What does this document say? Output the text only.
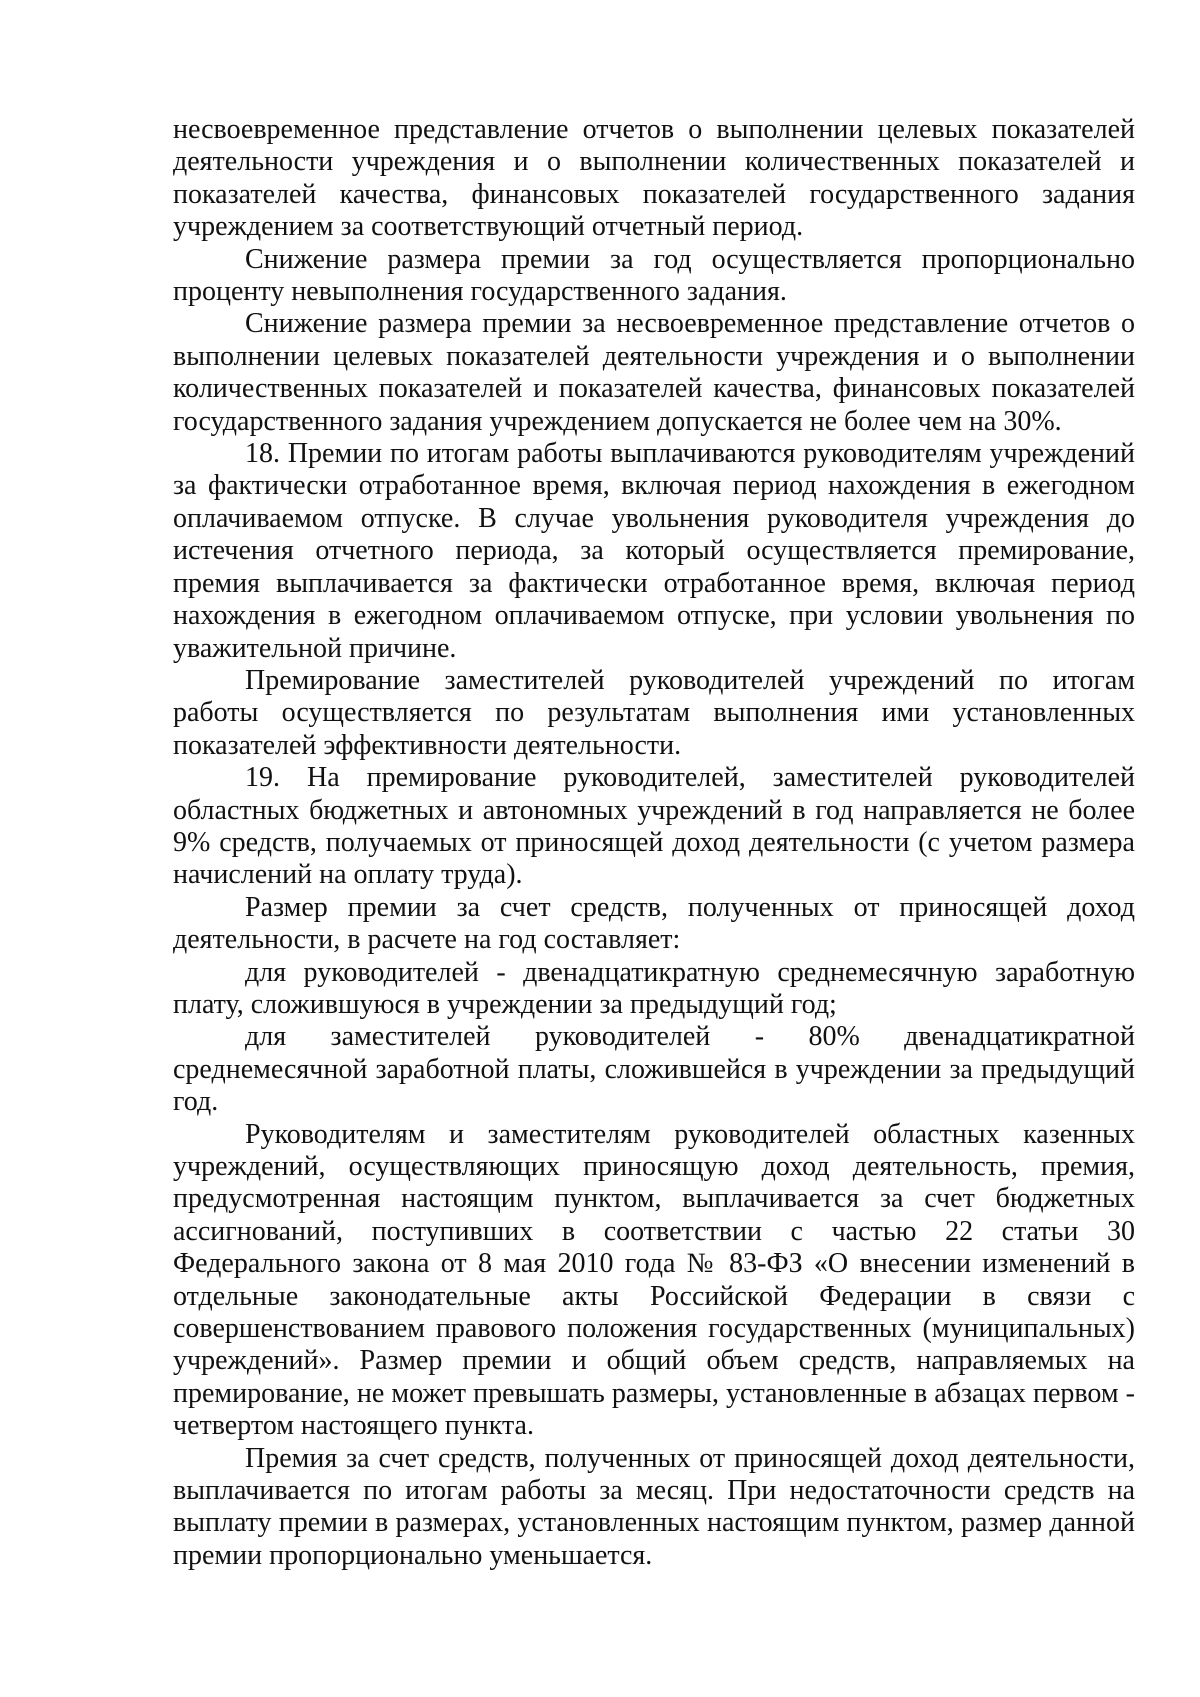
несвоевременное представление отчетов о выполнении целевых показателей деятельности учреждения и о выполнении количественных показателей и показателей качества, финансовых показателей государственного задания учреждением за соответствующий отчетный период.

Снижение размера премии за год осуществляется пропорционально проценту невыполнения государственного задания.

Снижение размера премии за несвоевременное представление отчетов о выполнении целевых показателей деятельности учреждения и о выполнении количественных показателей и показателей качества, финансовых показателей государственного задания учреждением допускается не более чем на 30%.

18. Премии по итогам работы выплачиваются руководителям учреждений за фактически отработанное время, включая период нахождения в ежегодном оплачиваемом отпуске. В случае увольнения руководителя учреждения до истечения отчетного периода, за который осуществляется премирование, премия выплачивается за фактически отработанное время, включая период нахождения в ежегодном оплачиваемом отпуске, при условии увольнения по уважительной причине.

Премирование заместителей руководителей учреждений по итогам работы осуществляется по результатам выполнения ими установленных показателей эффективности деятельности.

19. На премирование руководителей, заместителей руководителей областных бюджетных и автономных учреждений в год направляется не более 9% средств, получаемых от приносящей доход деятельности (с учетом размера начислений на оплату труда).

Размер премии за счет средств, полученных от приносящей доход деятельности, в расчете на год составляет:

для руководителей - двенадцатикратную среднемесячную заработную плату, сложившуюся в учреждении за предыдущий год;

для заместителей руководителей - 80% двенадцатикратной среднемесячной заработной платы, сложившейся в учреждении за предыдущий год.

Руководителям и заместителям руководителей областных казенных учреждений, осуществляющих приносящую доход деятельность, премия, предусмотренная настоящим пунктом, выплачивается за счет бюджетных ассигнований, поступивших в соответствии с частью 22 статьи 30 Федерального закона от 8 мая 2010 года № 83-ФЗ «О внесении изменений в отдельные законодательные акты Российской Федерации в связи с совершенствованием правового положения государственных (муниципальных) учреждений». Размер премии и общий объем средств, направляемых на премирование, не может превышать размеры, установленные в абзацах первом - четвертом настоящего пункта.

Премия за счет средств, полученных от приносящей доход деятельности, выплачивается по итогам работы за месяц. При недостаточности средств на выплату премии в размерах, установленных настоящим пунктом, размер данной премии пропорционально уменьшается.
